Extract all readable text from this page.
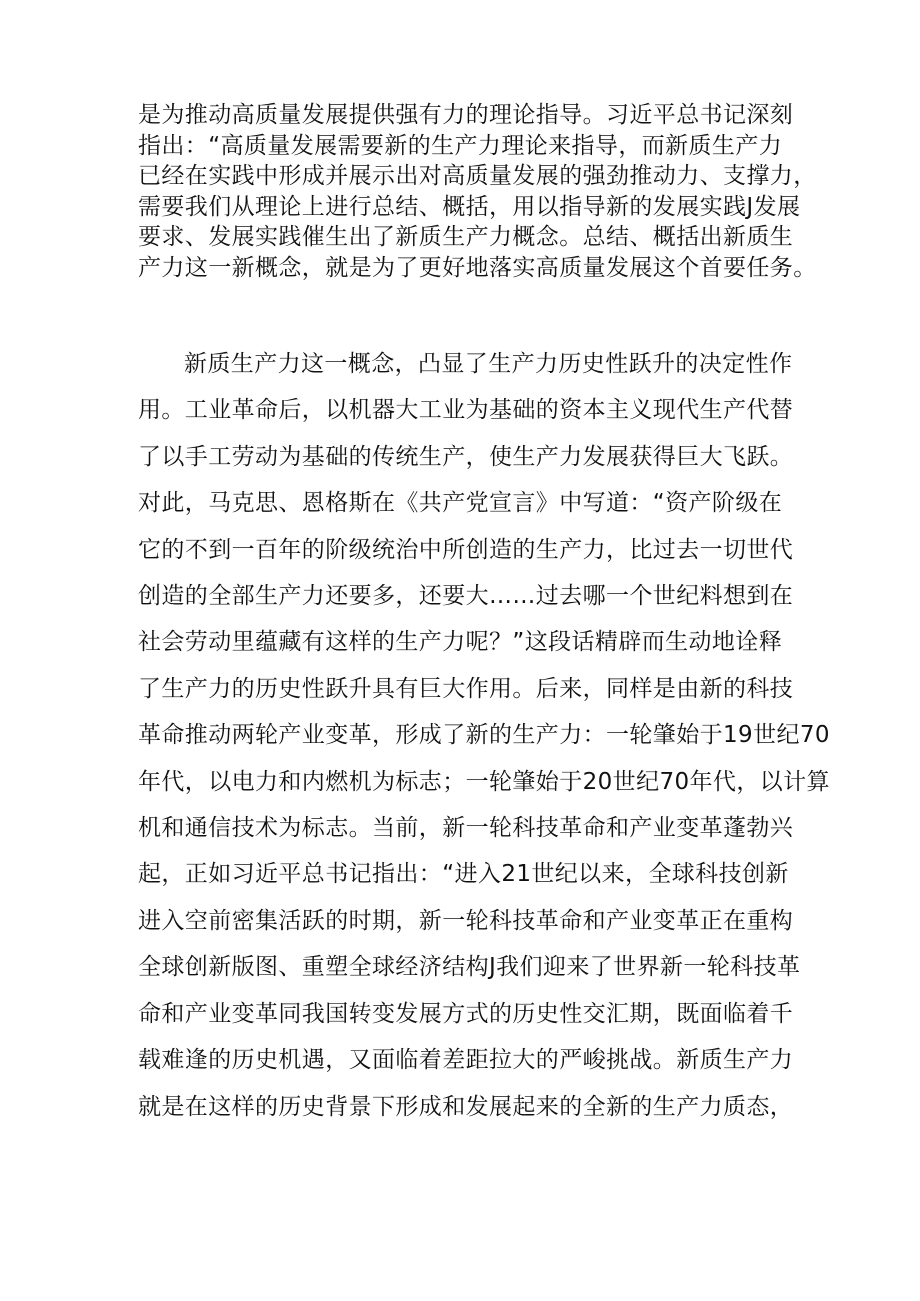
是为推动高质量发展提供强有力的理论指导。习近平总书记深刻
指出：“高质量发展需要新的生产力理论来指导，而新质生产力
已经在实践中形成并展示出对高质量发展的强劲推动力、支撑力，
需要我们从理论上进行总结、概括，用以指导新的发展实践J发展
要求、发展实践催生出了新质生产力概念。总结、概括出新质生
产力这一新概念，就是为了更好地落实高质量发展这个首要任务。

新质生产力这一概念，凸显了生产力历史性跃升的决定性作
用。工业革命后，以机器大工业为基础的资本主义现代生产代替
了以手工劳动为基础的传统生产，使生产力发展获得巨大飞跃。
对此，马克思、恩格斯在《共产党宣言》中写道：“资产阶级在
它的不到一百年的阶级统治中所创造的生产力，比过去一切世代
创造的全部生产力还要多，还要大……过去哪一个世纪料想到在
社会劳动里蕴藏有这样的生产力呢？”这段话精辟而生动地诠释
了生产力的历史性跃升具有巨大作用。后来，同样是由新的科技
革命推动两轮产业变革，形成了新的生产力：一轮肇始于19世纪70
年代，以电力和内燃机为标志；一轮肇始于20世纪70年代，以计算
机和通信技术为标志。当前，新一轮科技革命和产业变革蓬勃兴
起，正如习近平总书记指出：“进入21世纪以来，全球科技创新
进入空前密集活跃的时期，新一轮科技革命和产业变革正在重构
全球创新版图、重塑全球经济结构J我们迎来了世界新一轮科技革
命和产业变革同我国转变发展方式的历史性交汇期，既面临着千
载难逢的历史机遇，又面临着差距拉大的严峻挑战。新质生产力
就是在这样的历史背景下形成和发展起来的全新的生产力质态，
